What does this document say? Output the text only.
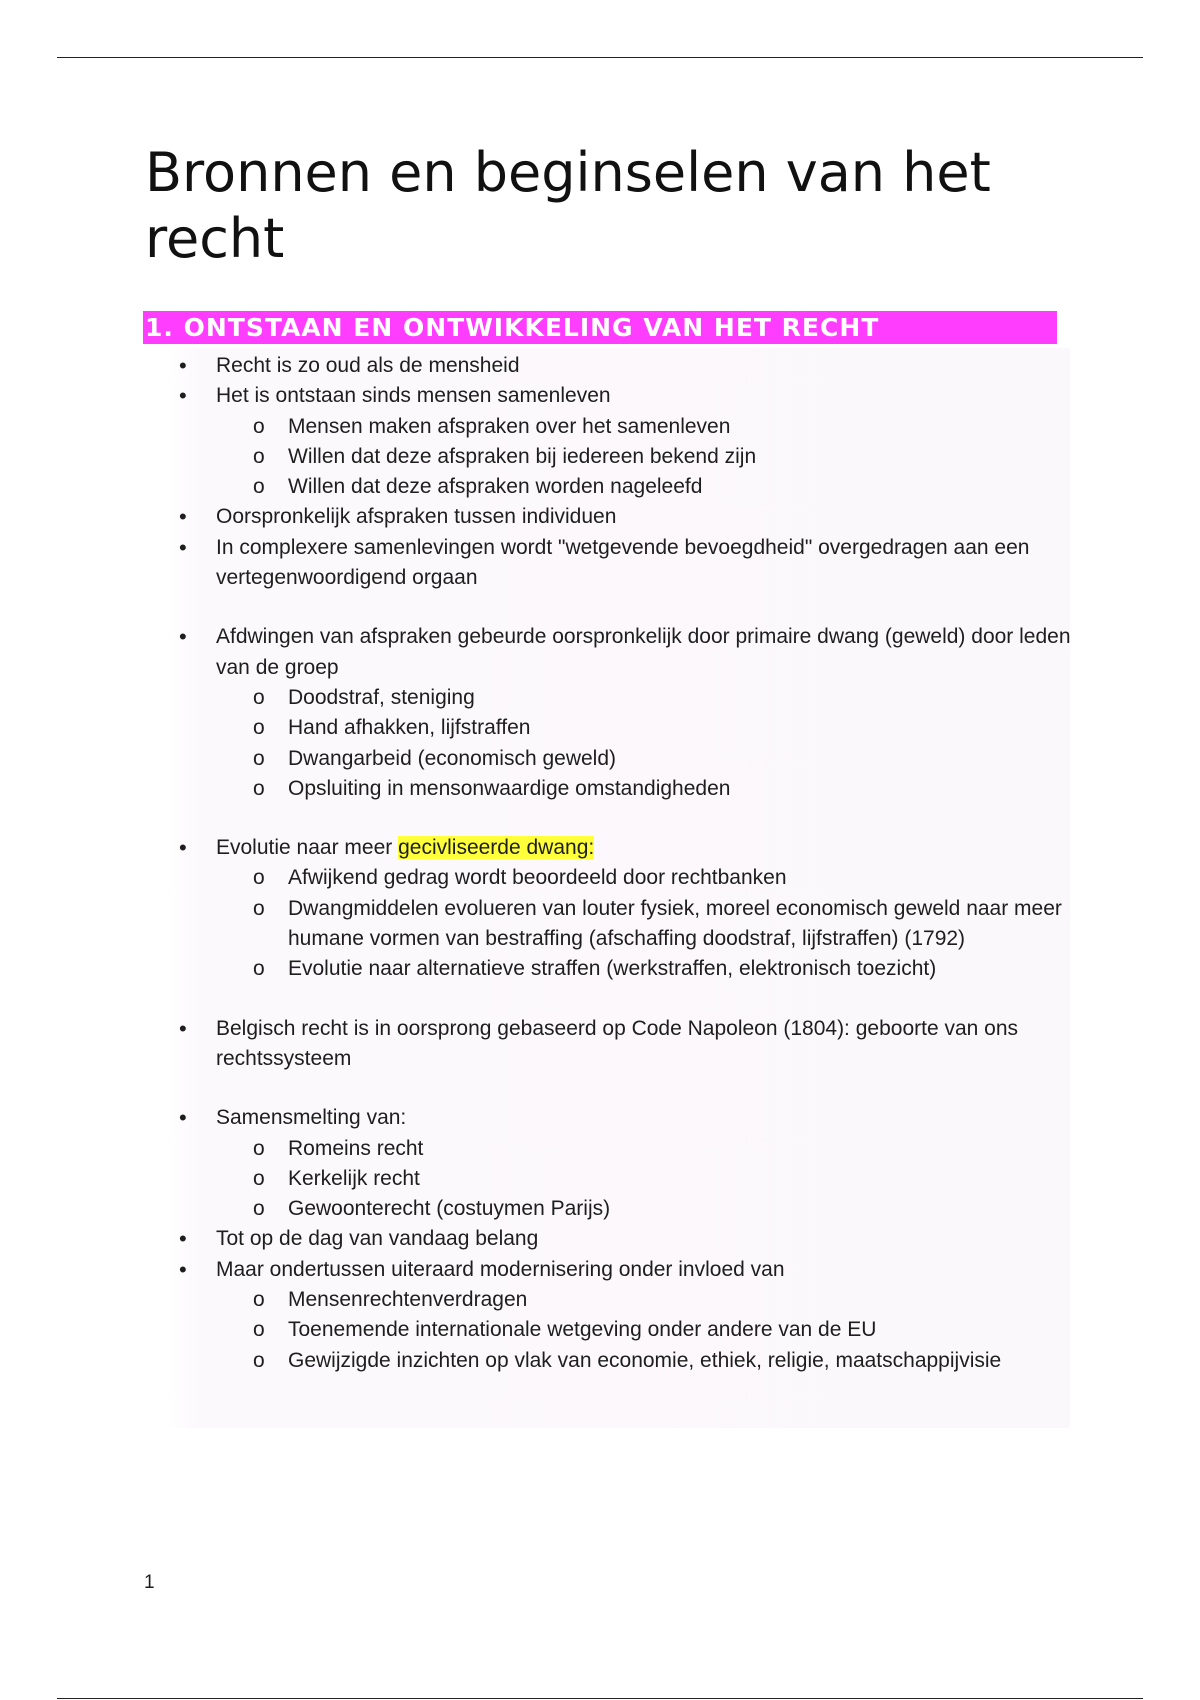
Bronnen en beginselen van het recht
1. ONTSTAAN EN ONTWIKKELING VAN HET RECHT
• Recht is zo oud als de mensheid
• Het is ontstaan sinds mensen samenleven
o Mensen maken afspraken over het samenleven
o Willen dat deze afspraken bij iedereen bekend zijn
o Willen dat deze afspraken worden nageleefd
• Oorspronkelijk afspraken tussen individuen
• In complexere samenlevingen wordt "wetgevende bevoegdheid" overgedragen aan een vertegenwoordigend orgaan
• Afdwingen van afspraken gebeurde oorspronkelijk door primaire dwang (geweld) door leden van de groep
o Doodstraf, steniging
o Hand afhakken, lijfstraffen
o Dwangarbeid (economisch geweld)
o Opsluiting in mensonwaardige omstandigheden
• Evolutie naar meer gecivliseerde dwang:
o Afwijkend gedrag wordt beoordeeld door rechtbanken
o Dwangmiddelen evolueren van louter fysiek, moreel economisch geweld naar meer humane vormen van bestraffing (afschaffing doodstraf, lijfstraffen) (1792)
o Evolutie naar alternatieve straffen (werkstraffen, elektronisch toezicht)
• Belgisch recht is in oorsprong gebaseerd op Code Napoleon (1804): geboorte van ons rechtssysteem
• Samensmelting van:
o Romeins recht
o Kerkelijk recht
o Gewoonterecht (costuymen Parijs)
• Tot op de dag van vandaag belang
• Maar ondertussen uiteraard modernisering onder invloed van
o Mensenrechtenverdragen
o Toenemende internationale wetgeving onder andere van de EU
o Gewijzigde inzichten op vlak van economie, ethiek, religie, maatschappijvisie
1
